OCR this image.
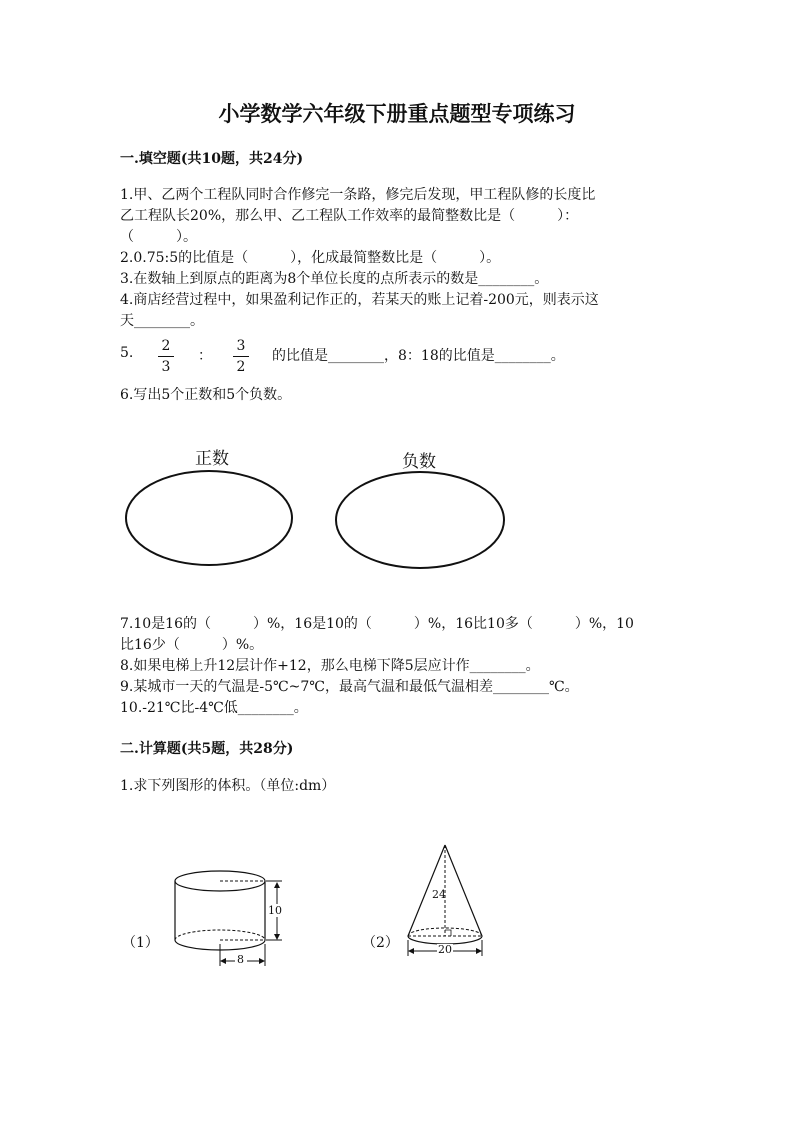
小学数学六年级下册重点题型专项练习
一.填空题(共10题，共24分)
1.甲、乙两个工程队同时合作修完一条路，修完后发现，甲工程队修的长度比
乙工程队长20%，那么甲、乙工程队工作效率的最简整数比是（　　　）：
（　　　）。
2.0.75:5的比值是（　　　），化成最简整数比是（　　　）。
3.在数轴上到原点的距离为8个单位长度的点所表示的数是________。
4.商店经营过程中，如果盈利记作正的，若某天的账上记着-200元，则表示这
天________。
5.	2
3
：
3
2
的比值是________，8：18的比值是________。
6.写出5个正数和5个负数。
正数	负数
7.10是16的（　　　）%，16是10的（　　　）%，16比10多（　　　）%，10
比16少（　　　）%。
8.如果电梯上升12层计作+12，那么电梯下降5层应计作________。
9.某城市一天的气温是-5℃~7℃，最高气温和最低气温相差________℃。
10.-21℃比-4℃低________。
二.计算题(共5题，共28分)
1.求下列图形的体积。（单位:dm）
（1）
10
8
（2）
24
20
